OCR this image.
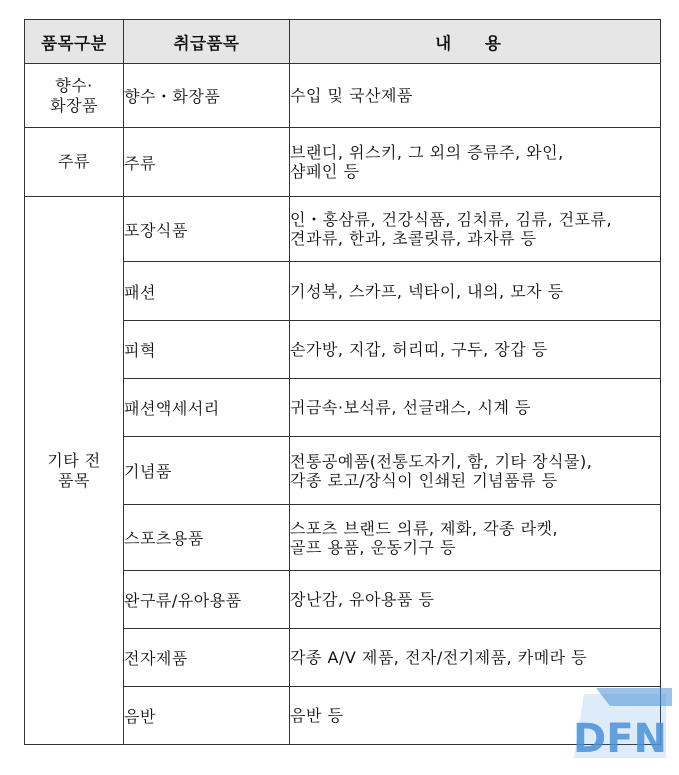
품목구분	취급품목	내 용

향수·
화장품	향수・화장품	수입 및 국산제품

주류	주류	브랜디, 위스키, 그 외의 증류주, 와인,
샴페인 등

기타 전
품목	포장식품	인・홍삼류, 건강식품, 김치류, 김류, 건포류,
견과류, 한과, 초콜릿류, 과자류 등

	패션	기성복, 스카프, 넥타이, 내의, 모자 등

	피혁	손가방, 지갑, 허리띠, 구두, 장갑 등

	패션액세서리	귀금속·보석류, 선글래스, 시계 등

	기념품	전통공예품(전통도자기, 함, 기타 장식물),
각종 로고/장식이 인쇄된 기념품류 등

	스포츠용품	스포츠 브랜드 의류, 제화, 각종 라켓,
골프 용품, 운동기구 등

	완구류/유아용품	장난감, 유아용품 등

	전자제품	각종 A/V 제품, 전자/전기제품, 카메라 등

	음반	음반 등
DFN
